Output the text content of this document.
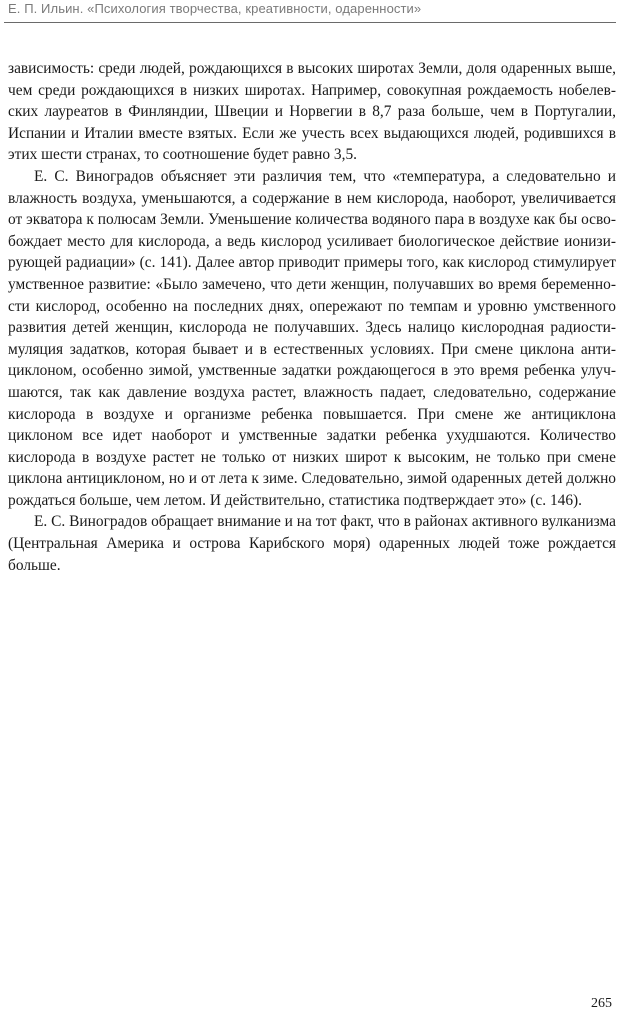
Е. П. Ильин. «Психология творчества, креативности, одаренности»

зависимость: среди людей, рождающихся в высоких широтах Земли, доля одаренных выше, чем среди рождающихся в низких широтах. Например, совокупная рождаемость нобелевских лауреатов в Финляндии, Швеции и Норвегии в 8,7 раза больше, чем в Португалии, Испании и Италии вместе взятых. Если же учесть всех выдающихся людей, родившихся в этих шести странах, то соотношение будет равно 3,5.

Е. С. Виноградов объясняет эти различия тем, что «температура, а следовательно и влажность воздуха, уменьшаются, а содержание в нем кислорода, наоборот, увеличивается от экватора к полюсам Земли. Уменьшение количества водяного пара в воздухе как бы освобождает место для кислорода, а ведь кислород усиливает биологическое действие ионизирующей радиации» (с. 141). Далее автор приводит примеры того, как кислород стимулирует умственное развитие: «Было замечено, что дети женщин, получавших во время беременности кислород, особенно на последних днях, опережают по темпам и уровню умственного развития детей женщин, кислорода не получавших. Здесь налицо кислородная радиостимуляция задатков, которая бывает и в естественных условиях. При смене циклона антициклоном, особенно зимой, умственные задатки рождающегося в это время ребенка улучшаются, так как давление воздуха растет, влажность падает, следовательно, содержание кислорода в воздухе и организме ребенка повышается. При смене же антициклона циклоном все идет наоборот и умственные задатки ребенка ухудшаются. Количество кислорода в воздухе растет не только от низких широт к высоким, не только при смене циклона антициклоном, но и от лета к зиме. Следовательно, зимой одаренных детей должно рождаться больше, чем летом. И действительно, статистика подтверждает это» (с. 146).

Е. С. Виноградов обращает внимание и на тот факт, что в районах активного вулканизма (Центральная Америка и острова Карибского моря) одаренных людей тоже рождается больше.

265
